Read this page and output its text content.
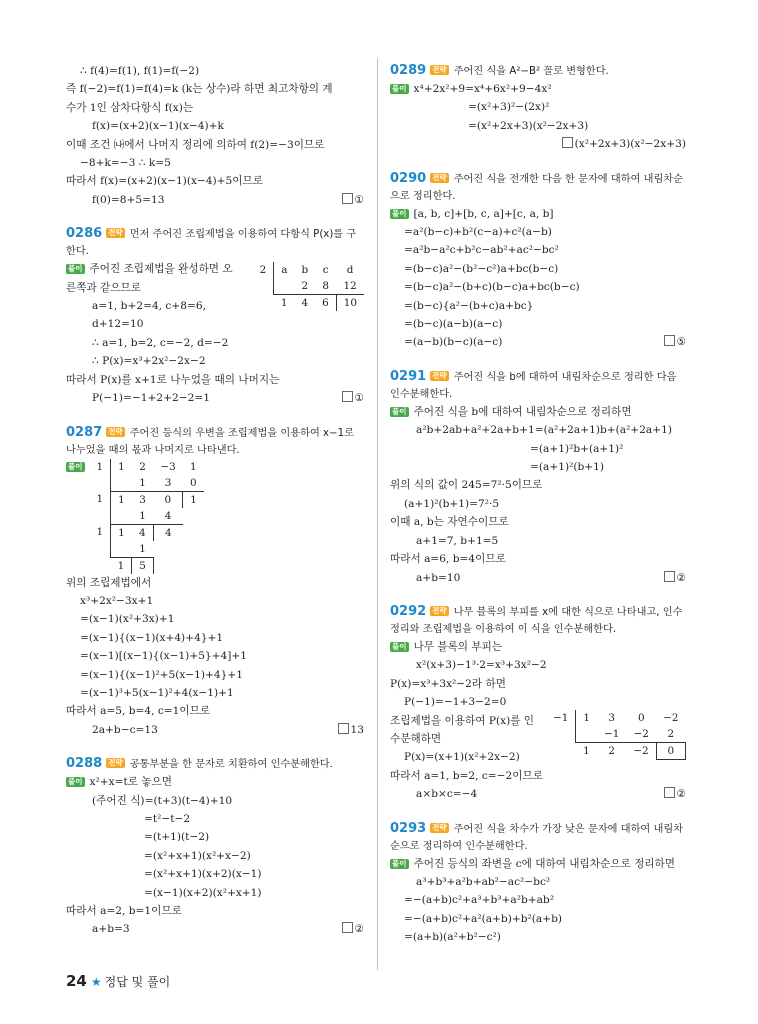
∴ f(4)=f(1), f(1)=f(−2)
즉 f(−2)=f(1)=f(4)=k (k는 상수)라 하면 최고차항의 계
수가 1인 삼차다항식 f(x)는
f(x)=(x+2)(x−1)(x−4)+k
이때 조건 ㈏에서 나머지 정리에 의하여 f(2)=−3이므로
−8+k=−3 ∴ k=5
따라서 f(x)=(x+2)(x−1)(x−4)+5이므로
f(0)=8+5=13	①
0286 전략 먼저 주어진 조립제법을 이용하여 다항식 P(x)를 구한다.
2	a	b	c	d
		2	8	12
	1	4	6	10
풀이 주어진 조립제법을 완성하면 오
른쪽과 같으므로
a=1, b+2=4, c+8=6,
d+12=10
∴ a=1, b=2, c=−2, d=−2
∴ P(x)=x³+2x²−2x−2
따라서 P(x)를 x+1로 나누었을 때의 나머지는
P(−1)=−1+2+2−2=1	①
0287 전략 주어진 등식의 우변을 조립제법을 이용하여 x−1로 나누었을 때의 몫과 나머지로 나타낸다.
풀이 1	1	2	−3	1
		1	3	0
1	1	3	0	1
		1	4	
1	1	4	4	
		1		
	1	5		
위의 조립제법에서
x³+2x²−3x+1
=(x−1)(x²+3x)+1
=(x−1){(x−1)(x+4)+4}+1
=(x−1)[(x−1){(x−1)+5}+4]+1
=(x−1){(x−1)²+5(x−1)+4}+1
=(x−1)³+5(x−1)²+4(x−1)+1
따라서 a=5, b=4, c=1이므로
2a+b−c=13	13
0288 전략 공통부분을 한 문자로 치환하여 인수분해한다.
풀이 x²+x=t로 놓으면
(주어진 식)=(t+3)(t−4)+10
=t²−t−2
=(t+1)(t−2)
=(x²+x+1)(x²+x−2)
=(x²+x+1)(x+2)(x−1)
=(x−1)(x+2)(x²+x+1)
따라서 a=2, b=1이므로
a+b=3	②
0289 전략 주어진 식을 A²−B² 꼴로 변형한다.
풀이 x⁴+2x²+9=x⁴+6x²+9−4x²
=(x²+3)²−(2x)²
=(x²+2x+3)(x²−2x+3)
(x²+2x+3)(x²−2x+3)
0290 전략 주어진 식을 전개한 다음 한 문자에 대하여 내림차순으로 정리한다.
풀이 [a, b, c]+[b, c, a]+[c, a, b]
=a²(b−c)+b²(c−a)+c²(a−b)
=a²b−a²c+b²c−ab²+ac²−bc²
=(b−c)a²−(b²−c²)a+bc(b−c)
=(b−c)a²−(b+c)(b−c)a+bc(b−c)
=(b−c){a²−(b+c)a+bc}
=(b−c)(a−b)(a−c)
=(a−b)(b−c)(a−c)	⑤
0291 전략 주어진 식을 b에 대하여 내림차순으로 정리한 다음 인수분해한다.
풀이 주어진 식을 b에 대하여 내림차순으로 정리하면
a²b+2ab+a²+2a+b+1=(a²+2a+1)b+(a²+2a+1)
=(a+1)²b+(a+1)²
=(a+1)²(b+1)
위의 식의 값이 245=7²·5이므로
(a+1)²(b+1)=7²·5
이때 a, b는 자연수이므로
a+1=7, b+1=5
따라서 a=6, b=4이므로
a+b=10	②
0292 전략 나무 블록의 부피를 x에 대한 식으로 나타내고, 인수 정리와 조립제법을 이용하여 이 식을 인수분해한다.
풀이 나무 블록의 부피는
x²(x+3)−1³·2=x³+3x²−2
P(x)=x³+3x²−2라 하면
P(−1)=−1+3−2=0
−1	1	3	0	−2
		−1	−2	2
	1	2	−2	0
조립제법을 이용하여 P(x)를 인
수분해하면
P(x)=(x+1)(x²+2x−2)
따라서 a=1, b=2, c=−2이므로
a×b×c=−4	②
0293 전략 주어진 식을 차수가 가장 낮은 문자에 대하여 내림차순으로 정리하여 인수분해한다.
풀이 주어진 등식의 좌변을 c에 대하여 내림차순으로 정리하면
a³+b³+a²b+ab²−ac²−bc²
=−(a+b)c²+a³+b³+a²b+ab²
=−(a+b)c²+a²(a+b)+b²(a+b)
=(a+b)(a²+b²−c²)
24 ★ 정답 및 풀이
